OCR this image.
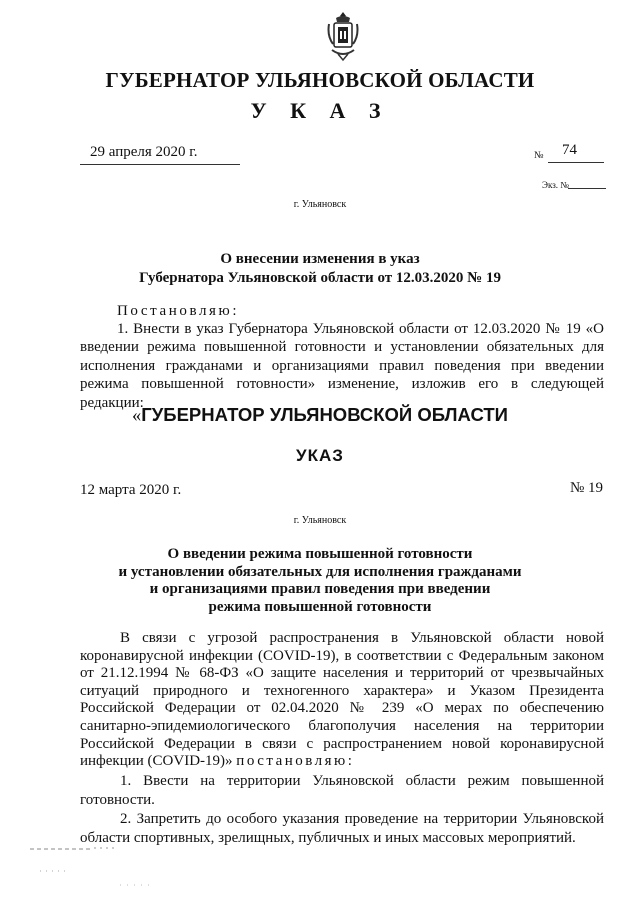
ГУБЕРНАТОР УЛЬЯНОВСКОЙ ОБЛАСТИ
У К А З
29 апреля 2020 г.	№ 74
Экз. №
г. Ульяновск
О внесении изменения в указ
Губернатора Ульяновской области от 12.03.2020 № 19
Постановляю:
1. Внести в указ Губернатора Ульяновской области от 12.03.2020 № 19 «О введении режима повышенной готовности и установлении обязательных для исполнения гражданами и организациями правил поведения при введении режима повышенной готовности» изменение, изложив его в следующей редакции:
«ГУБЕРНАТОР УЛЬЯНОВСКОЙ ОБЛАСТИ
УКАЗ
12 марта 2020 г.	№ 19
г. Ульяновск
О введении режима повышенной готовности
и установлении обязательных для исполнения гражданами
и организациями правил поведения при введении
режима повышенной готовности
В связи с угрозой распространения в Ульяновской области новой коронавирусной инфекции (COVID-19), в соответствии с Федеральным законом от 21.12.1994 № 68-ФЗ «О защите населения и территорий от чрезвычайных ситуаций природного и техногенного характера» и Указом Президента Российской Федерации от 02.04.2020 № 239 «О мерах по обеспечению санитарно-эпидемиологического благополучия населения на территории Российской Федерации в связи с распространением новой коронавирусной инфекции (COVID-19)» постановляю:
1. Ввести на территории Ульяновской области режим повышенной готовности.
2. Запретить до особого указания проведение на территории Ульяновской области спортивных, зрелищных, публичных и иных массовых мероприятий.
